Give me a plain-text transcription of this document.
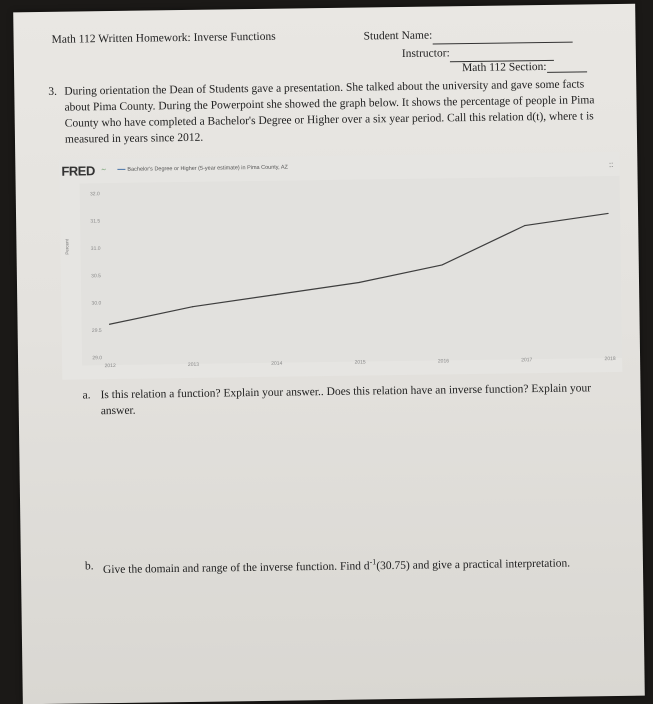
Math 112 Written Homework: Inverse Functions	Student Name:
Instructor:
Math 112 Section:
3. During orientation the Dean of Students gave a presentation. She talked about the university and gave some facts about Pima County. During the Powerpoint she showed the graph below. It shows the percentage of people in Pima County who have completed a Bachelor's Degree or Higher over a six year period. Call this relation d(t), where t is measured in years since 2012.
FRED ~	Bachelor's Degree or Higher (5-year estimate) in Pima County, AZ	::
Percent
29.0
29.5
30.0
30.5
31.0
31.5
32.0
2012	2013	2014	2015	2016	2017	2018
a. Is this relation a function? Explain your answer.. Does this relation have an inverse function? Explain your answer.
b. Give the domain and range of the inverse function. Find $d^{-1}(30.75)$ and give a practical interpretation.
